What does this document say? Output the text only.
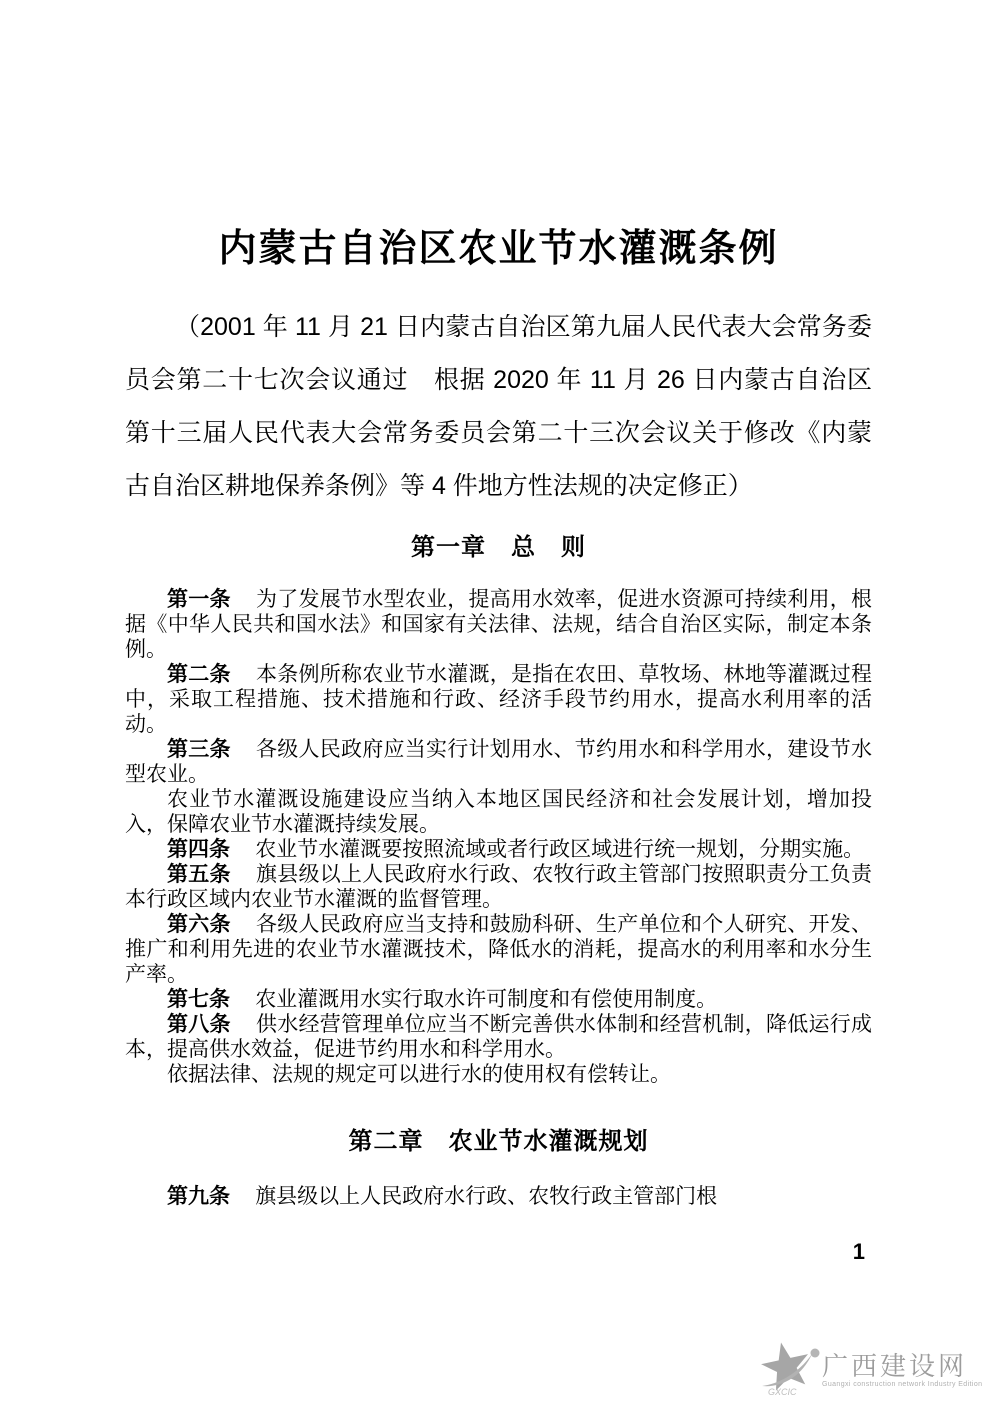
内蒙古自治区农业节水灌溉条例

（2001 年 11 月 21 日内蒙古自治区第九届人民代表大会常务委员会第二十七次会议通过　根据 2020 年 11 月 26 日内蒙古自治区第十三届人民代表大会常务委员会第二十三次会议关于修改《内蒙古自治区耕地保养条例》等 4 件地方性法规的决定修正）

第一章　总　则

第一条 为了发展节水型农业，提高用水效率，促进水资源可持续利用，根据《中华人民共和国水法》和国家有关法律、法规，结合自治区实际，制定本条例。

第二条 本条例所称农业节水灌溉，是指在农田、草牧场、林地等灌溉过程中，采取工程措施、技术措施和行政、经济手段节约用水，提高水利用率的活动。

第三条 各级人民政府应当实行计划用水、节约用水和科学用水，建设节水型农业。

农业节水灌溉设施建设应当纳入本地区国民经济和社会发展计划，增加投入，保障农业节水灌溉持续发展。

第四条 农业节水灌溉要按照流域或者行政区域进行统一规划，分期实施。

第五条 旗县级以上人民政府水行政、农牧行政主管部门按照职责分工负责本行政区域内农业节水灌溉的监督管理。

第六条 各级人民政府应当支持和鼓励科研、生产单位和个人研究、开发、推广和利用先进的农业节水灌溉技术，降低水的消耗，提高水的利用率和水分生产率。

第七条 农业灌溉用水实行取水许可制度和有偿使用制度。

第八条 供水经营管理单位应当不断完善供水体制和经营机制，降低运行成本，提高供水效益，促进节约用水和科学用水。

依据法律、法规的规定可以进行水的使用权有偿转让。

第二章　农业节水灌溉规划

第九条 旗县级以上人民政府水行政、农牧行政主管部门根

1
GXCIC
广西建设网
Guangxi construction network Industry Edition
